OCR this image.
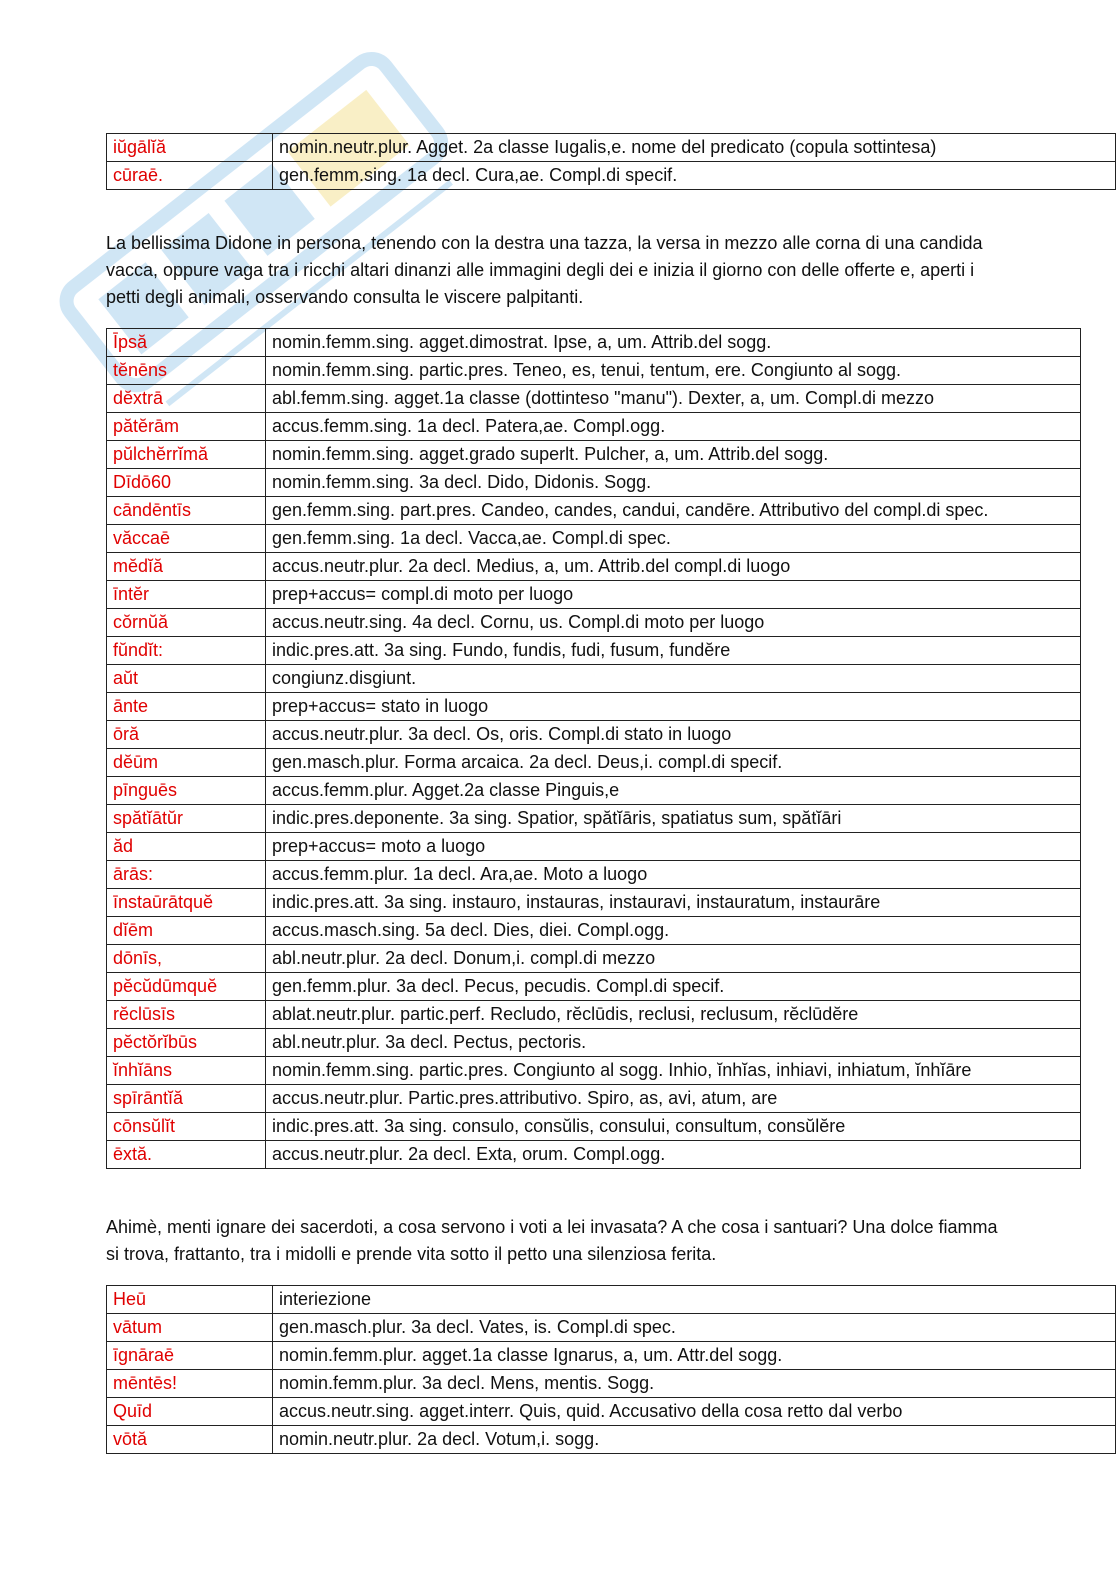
iŭgālĭă	nomin.neutr.plur. Agget. 2a classe Iugalis,e. nome del predicato (copula sottintesa)
cūraē.	gen.femm.sing. 1a decl. Cura,ae. Compl.di specif.

La bellissima Didone in persona, tenendo con la destra una tazza, la versa in mezzo alle corna di una candida vacca, oppure vaga tra i ricchi altari dinanzi alle immagini degli dei e inizia il giorno con delle offerte e, aperti i petti degli animali, osservando consulta le viscere palpitanti.

Īpsă	nomin.femm.sing. agget.dimostrat. Ipse, a, um. Attrib.del sogg.
tĕnēns	nomin.femm.sing. partic.pres. Teneo, es, tenui, tentum, ere. Congiunto al sogg.
dĕxtrā	abl.femm.sing. agget.1a classe (dottinteso "manu"). Dexter, a, um. Compl.di mezzo
pătĕrām	accus.femm.sing. 1a decl. Patera,ae. Compl.ogg.
pŭlchĕrrĭmă	nomin.femm.sing. agget.grado superlt. Pulcher, a, um. Attrib.del sogg.
Dīdō60	nomin.femm.sing. 3a decl. Dido, Didonis. Sogg.
cāndēntīs	gen.femm.sing. part.pres. Candeo, candes, candui, candēre. Attributivo del compl.di spec.
văccaē	gen.femm.sing. 1a decl. Vacca,ae. Compl.di spec.
mĕdĭă	accus.neutr.plur. 2a decl. Medius, a, um. Attrib.del compl.di luogo
īntĕr	prep+accus= compl.di moto per luogo
cŏrnŭă	accus.neutr.sing. 4a decl. Cornu, us. Compl.di moto per luogo
fŭndĭt:	indic.pres.att. 3a sing. Fundo, fundis, fudi, fusum, fundĕre
aŭt	congiunz.disgiunt.
ānte	prep+accus= stato in luogo
ōră	accus.neutr.plur. 3a decl. Os, oris. Compl.di stato in luogo
dĕūm	gen.masch.plur. Forma arcaica. 2a decl. Deus,i. compl.di specif.
pīnguēs	accus.femm.plur. Agget.2a classe Pinguis,e
spătĭātŭr	indic.pres.deponente. 3a sing. Spatior, spătĭāris, spatiatus sum, spătĭāri
ăd	prep+accus= moto a luogo
ārās:	accus.femm.plur. 1a decl. Ara,ae. Moto a luogo
īnstaūrātquĕ	indic.pres.att. 3a sing. instauro, instauras, instauravi, instauratum, instaurāre
dĭēm	accus.masch.sing. 5a decl. Dies, diei. Compl.ogg.
dōnīs,	abl.neutr.plur. 2a decl. Donum,i. compl.di mezzo
pĕcŭdūmquĕ	gen.femm.plur. 3a decl. Pecus, pecudis. Compl.di specif.
rĕclūsīs	ablat.neutr.plur. partic.perf. Recludo, rĕclūdis, reclusi, reclusum, rĕclūdĕre
pĕctŏrĭbūs	abl.neutr.plur. 3a decl. Pectus, pectoris.
ĭnhĭāns	nomin.femm.sing. partic.pres. Congiunto al sogg. Inhio, ĭnhĭas, inhiavi, inhiatum, ĭnhĭāre
spīrāntĭă	accus.neutr.plur. Partic.pres.attributivo. Spiro, as, avi, atum, are
cōnsŭlĭt	indic.pres.att. 3a sing. consulo, consŭlis, consului, consultum, consŭlĕre
ēxtă.	accus.neutr.plur. 2a decl. Exta, orum. Compl.ogg.

Ahimè, menti ignare dei sacerdoti, a cosa servono i voti a lei invasata? A che cosa i santuari? Una dolce fiamma si trova, frattanto, tra i midolli e prende vita sotto il petto una silenziosa ferita.

Heū	interiezione
vātum	gen.masch.plur. 3a decl. Vates, is. Compl.di spec.
īgnāraē	nomin.femm.plur. agget.1a classe Ignarus, a, um. Attr.del sogg.
mēntēs!	nomin.femm.plur. 3a decl. Mens, mentis. Sogg.
Quīd	accus.neutr.sing. agget.interr. Quis, quid. Accusativo della cosa retto dal verbo
vōtă	nomin.neutr.plur. 2a decl. Votum,i. sogg.
